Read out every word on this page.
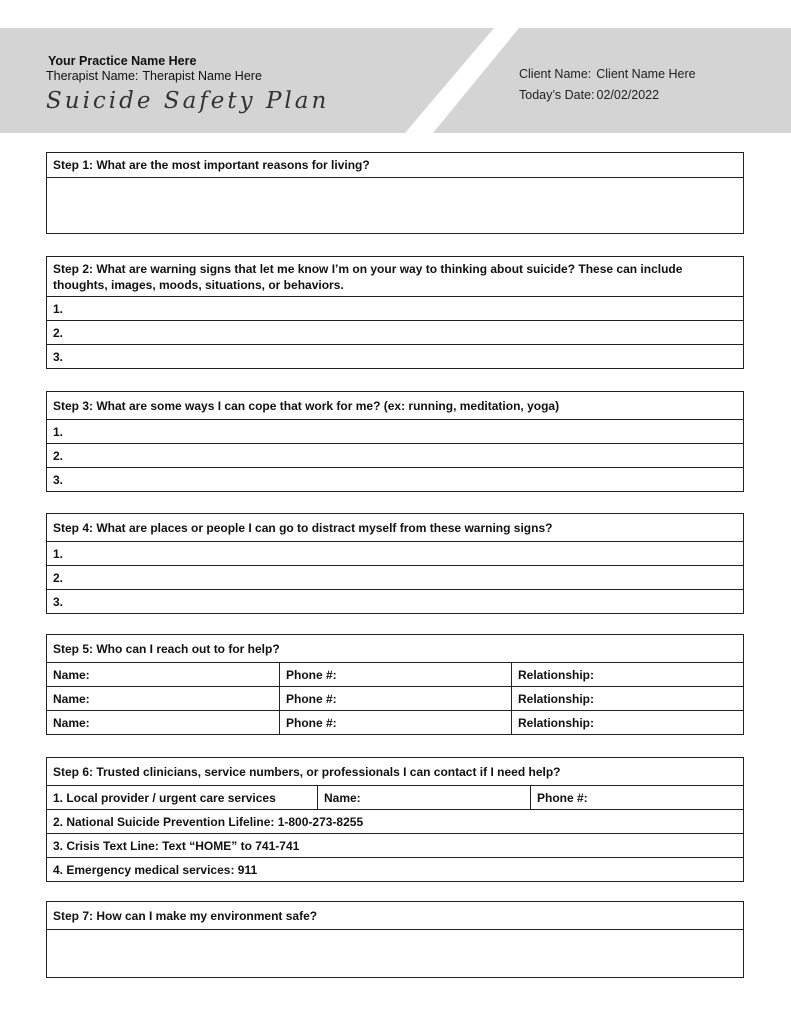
Your Practice Name Here
Therapist Name: Therapist Name Here
Suicide Safety Plan
Client Name: Client Name Here
Today’s Date: 02/02/2022
Step 1: What are the most important reasons for living?
Step 2: What are warning signs that let me know I’m on your way to thinking about suicide? These can include thoughts, images, moods, situations, or behaviors.
1.
2.
3.
Step 3: What are some ways I can cope that work for me? (ex: running, meditation, yoga)
1.
2.
3.
Step 4: What are places or people I can go to distract myself from these warning signs?
1.
2.
3.
Step 5: Who can I reach out to for help?
Name:	Phone #:	Relationship:
Name:	Phone #:	Relationship:
Name:	Phone #:	Relationship:
Step 6: Trusted clinicians, service numbers, or professionals I can contact if I need help?
1. Local provider / urgent care services	Name:	Phone #:
2. National Suicide Prevention Lifeline: 1-800-273-8255
3. Crisis Text Line: Text “HOME” to 741-741
4. Emergency medical services: 911
Step 7: How can I make my environment safe?
